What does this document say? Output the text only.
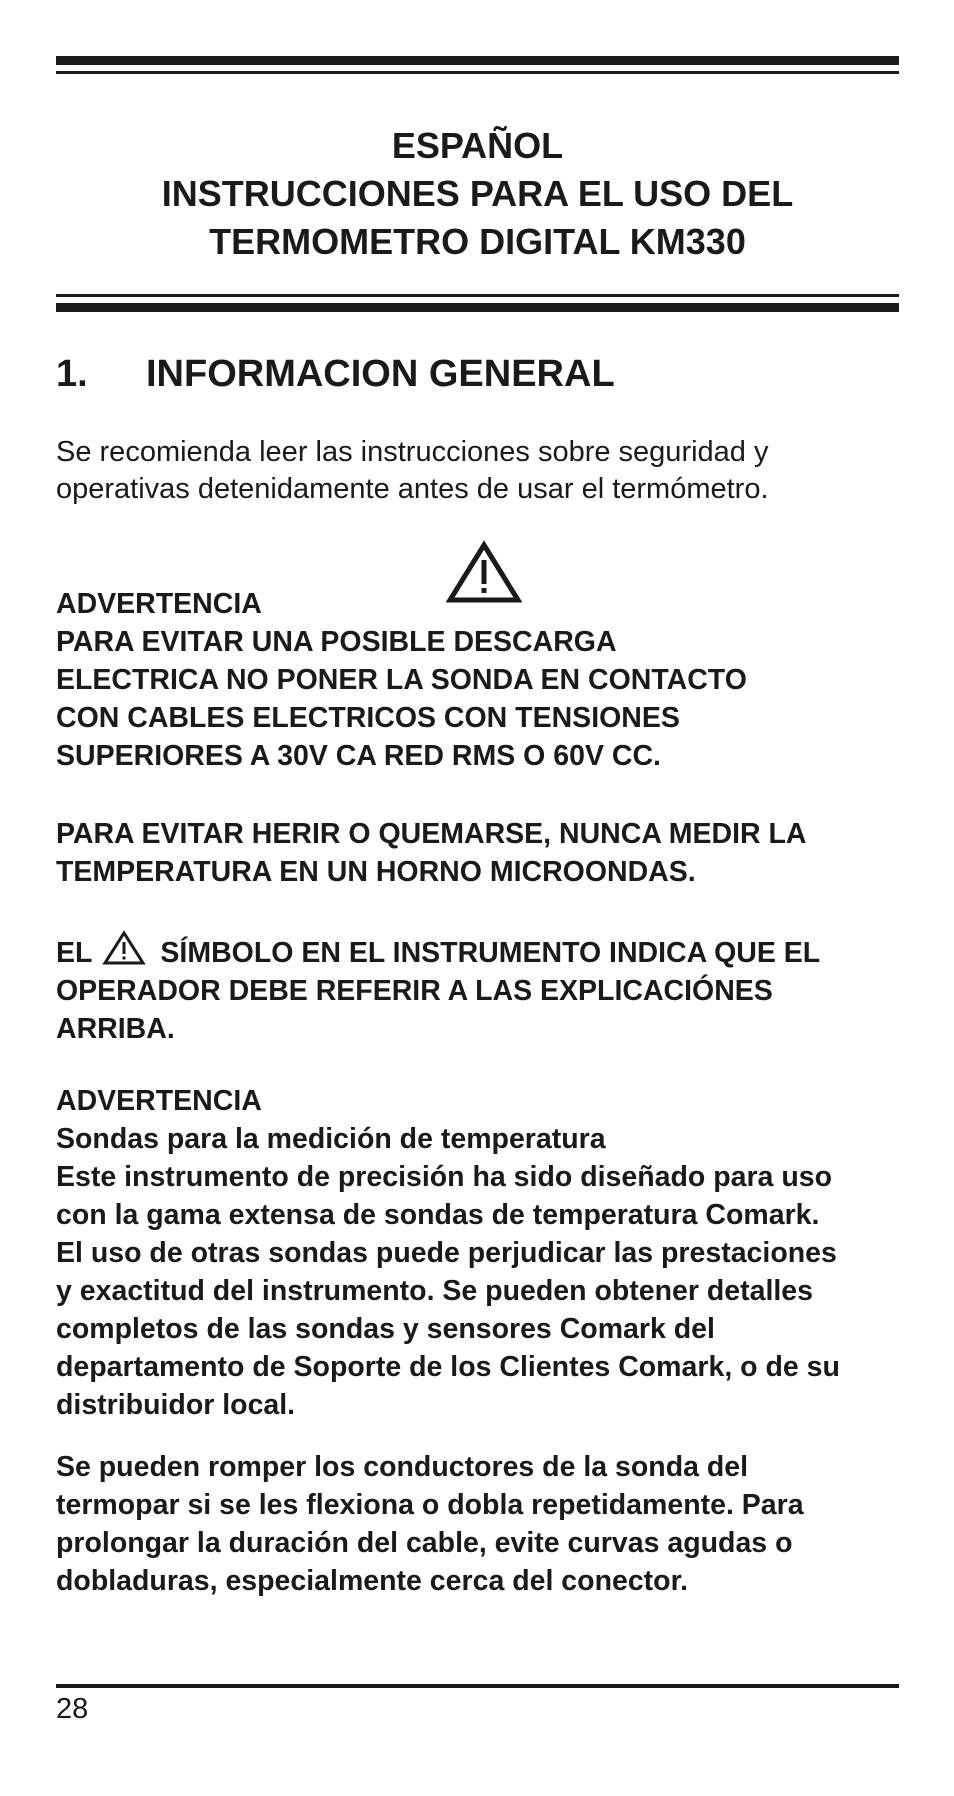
ESPAÑOL
INSTRUCCIONES PARA EL USO DEL
TERMOMETRO DIGITAL KM330
1. INFORMACION GENERAL
Se recomienda leer las instrucciones sobre seguridad y
operativas detenidamente antes de usar el termómetro.
ADVERTENCIA
PARA EVITAR UNA POSIBLE DESCARGA
ELECTRICA NO PONER LA SONDA EN CONTACTO
CON CABLES ELECTRICOS CON TENSIONES
SUPERIORES A 30V CA RED RMS O 60V CC.
PARA EVITAR HERIR O QUEMARSE, NUNCA MEDIR LA
TEMPERATURA EN UN HORNO MICROONDAS.
EL SÍMBOLO EN EL INSTRUMENTO INDICA QUE EL
OPERADOR DEBE REFERIR A LAS EXPLICACIÓNES
ARRIBA.
ADVERTENCIA
Sondas para la medición de temperatura
Este instrumento de precisión ha sido diseñado para uso
con la gama extensa de sondas de temperatura Comark.
El uso de otras sondas puede perjudicar las prestaciones
y exactitud del instrumento. Se pueden obtener detalles
completos de las sondas y sensores Comark del
departamento de Soporte de los Clientes Comark, o de su
distribuidor local.
Se pueden romper los conductores de la sonda del
termopar si se les flexiona o dobla repetidamente. Para
prolongar la duración del cable, evite curvas agudas o
dobladuras, especialmente cerca del conector.
28
